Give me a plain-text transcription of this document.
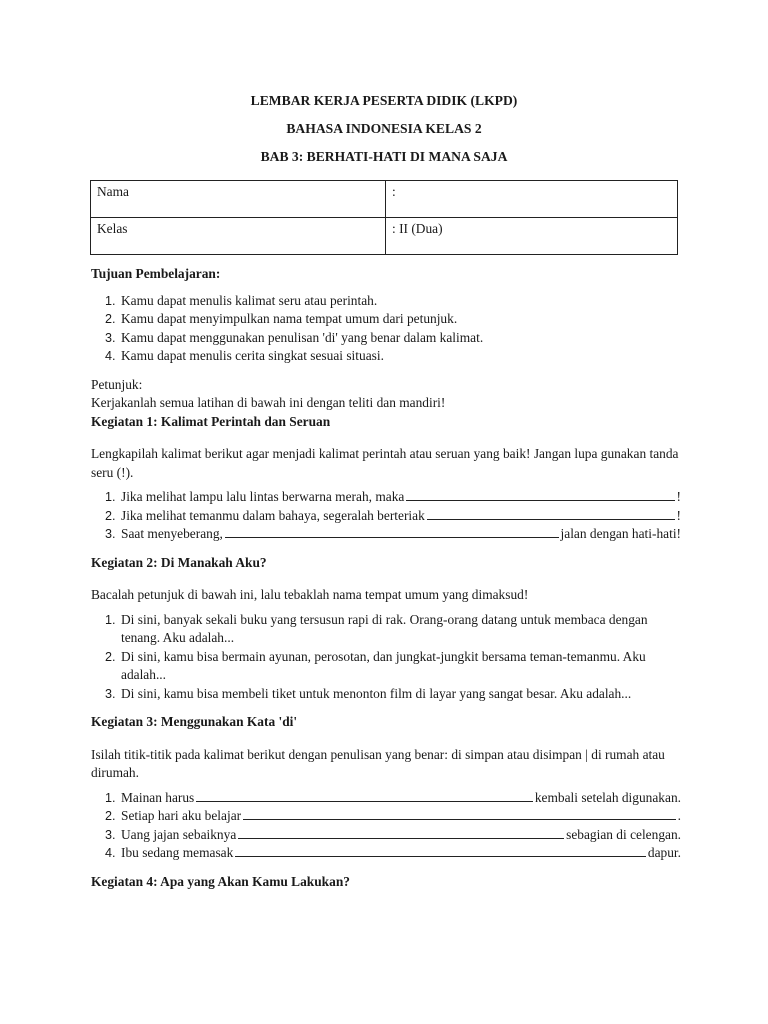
LEMBAR KERJA PESERTA DIDIK (LKPD)
BAHASA INDONESIA KELAS 2
BAB 3: BERHATI-HATI DI MANA SAJA
Nama	:
Kelas	: II (Dua)

Tujuan Pembelajaran:

1. Kamu dapat menulis kalimat seru atau perintah.
2. Kamu dapat menyimpulkan nama tempat umum dari petunjuk.
3. Kamu dapat menggunakan penulisan 'di' yang benar dalam kalimat.
4. Kamu dapat menulis cerita singkat sesuai situasi.

Petunjuk:

Kerjakanlah semua latihan di bawah ini dengan teliti dan mandiri!

Kegiatan 1: Kalimat Perintah dan Seruan

Lengkapilah kalimat berikut agar menjadi kalimat perintah atau seruan yang baik! Jangan lupa gunakan tanda seru (!).

1. Jika melihat lampu lalu lintas berwarna merah, maka	!
2. Jika melihat temanmu dalam bahaya, segeralah berteriak	!
3. Saat menyeberang,	jalan dengan hati-hati!

Kegiatan 2: Di Manakah Aku?

Bacalah petunjuk di bawah ini, lalu tebaklah nama tempat umum yang dimaksud!

1. Di sini, banyak sekali buku yang tersusun rapi di rak. Orang-orang datang untuk membaca dengan tenang. Aku adalah...
2. Di sini, kamu bisa bermain ayunan, perosotan, dan jungkat-jungkit bersama teman-temanmu. Aku adalah...
3. Di sini, kamu bisa membeli tiket untuk menonton film di layar yang sangat besar. Aku adalah...

Kegiatan 3: Menggunakan Kata 'di'

Isilah titik-titik pada kalimat berikut dengan penulisan yang benar: di simpan atau disimpan | di rumah atau dirumah.

1. Mainan harus	kembali setelah digunakan.
2. Setiap hari aku belajar	.
3. Uang jajan sebaiknya	sebagian di celengan.
4. Ibu sedang memasak	dapur.

Kegiatan 4: Apa yang Akan Kamu Lakukan?
